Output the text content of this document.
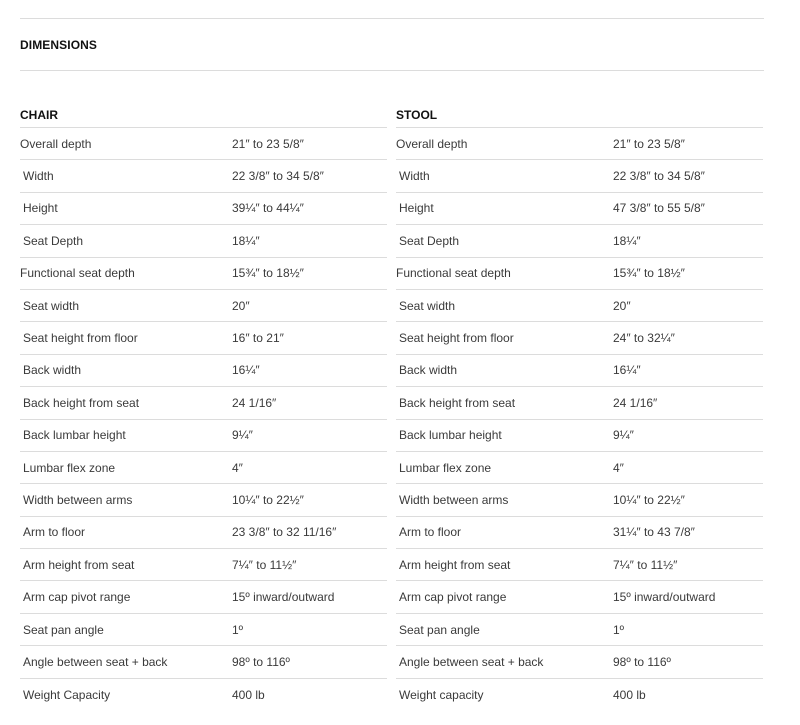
DIMENSIONS
CHAIR
Overall depth	21″ to 23 5/8″
Width	22 3/8″ to 34 5/8″
Height	39¼″ to 44¼″
Seat Depth	18¼″
Functional seat depth	15¾″ to 18½″
Seat width	20″
Seat height from floor	16″ to 21″
Back width	16¼″
Back height from seat	24 1/16″
Back lumbar height	9¼″
Lumbar flex zone	4″
Width between arms	10¼″ to 22½″
Arm to floor	23 3/8″ to 32 11/16″
Arm height from seat	7¼″ to 11½″
Arm cap pivot range	15º inward/outward
Seat pan angle	1º
Angle between seat + back	98º to 116º
Weight Capacity	400 lb
STOOL
Overall depth	21″ to 23 5/8″
Width	22 3/8″ to 34 5/8″
Height	47 3/8″ to 55 5/8″
Seat Depth	18¼″
Functional seat depth	15¾″ to 18½″
Seat width	20″
Seat height from floor	24″ to 32¼″
Back width	16¼″
Back height from seat	24 1/16″
Back lumbar height	9¼″
Lumbar flex zone	4″
Width between arms	10¼″ to 22½″
Arm to floor	31¼″ to 43 7/8″
Arm height from seat	7¼″ to 11½″
Arm cap pivot range	15º inward/outward
Seat pan angle	1º
Angle between seat + back	98º to 116º
Weight capacity	400 lb
